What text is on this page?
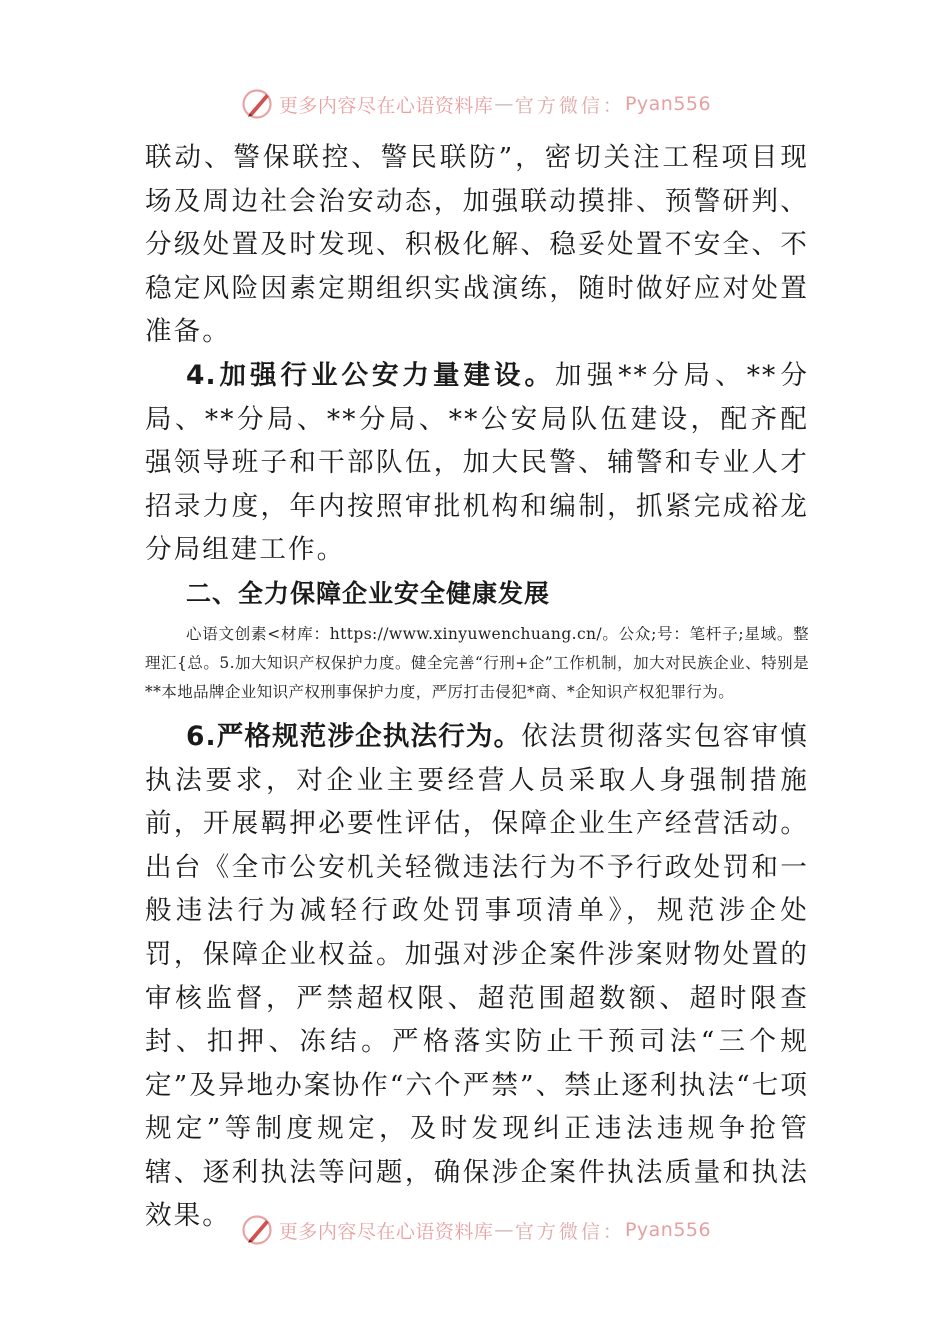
更多内容尽在心语资料库 — 官方微信： Pyan556

联动、警保联控、警民联防”，密切关注工程项目现场及周边社会治安动态，加强联动摸排、预警研判、分级处置及时发现、积极化解、稳妥处置不安全、不稳定风险因素定期组织实战演练，随时做好应对处置准备。

4.加强行业公安力量建设。加强**分局、**分局、**分局、**分局、**公安局队伍建设，配齐配强领导班子和干部队伍，加大民警、辅警和专业人才招录力度，年内按照审批机构和编制，抓紧完成裕龙分局组建工作。

二、全力保障企业安全健康发展

心语文创素<材库：https://www.xinyuwenchuang.cn/。公众;号：笔杆子;星域。整理汇{总。5.加大知识产权保护力度。健全完善“行刑+企”工作机制，加大对民族企业、特别是**本地品牌企业知识产权刑事保护力度，严厉打击侵犯*商、*企知识产权犯罪行为。

6.严格规范涉企执法行为。依法贯彻落实包容审慎执法要求，对企业主要经营人员采取人身强制措施前，开展羁押必要性评估，保障企业生产经营活动。出台《全市公安机关轻微违法行为不予行政处罚和一般违法行为减轻行政处罚事项清单》，规范涉企处罚，保障企业权益。加强对涉企案件涉案财物处置的审核监督，严禁超权限、超范围超数额、超时限查封、扣押、冻结。严格落实防止干预司法“三个规定”及异地办案协作“六个严禁”、禁止逐利执法“七项规定”等制度规定，及时发现纠正违法违规争抢管辖、逐利执法等问题，确保涉企案件执法质量和执法效果。

更多内容尽在心语资料库 — 官方微信： Pyan556
